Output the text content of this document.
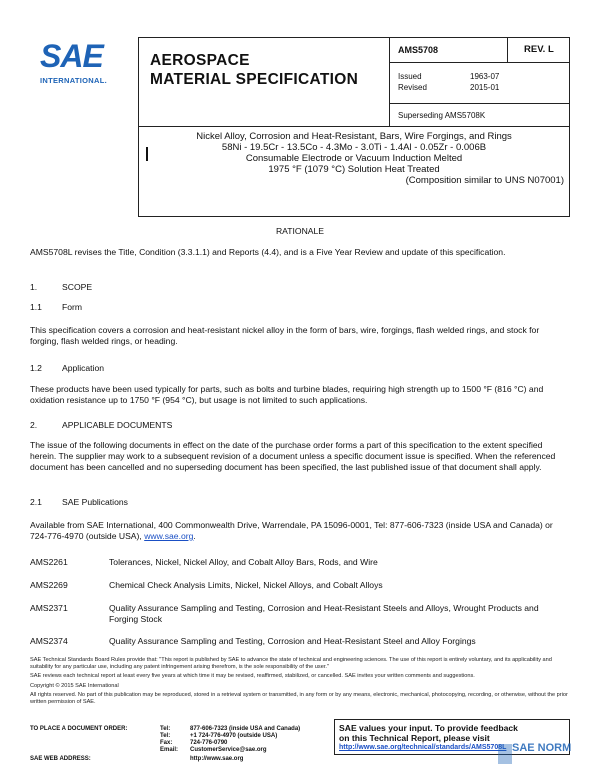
SAE
INTERNATIONAL.
AEROSPACE
MATERIAL SPECIFICATION
AMS5708	REV. L
Issued	1963-07
Revised	2015-01
Superseding AMS5708K
Nickel Alloy, Corrosion and Heat-Resistant, Bars, Wire Forgings, and Rings
58Ni - 19.5Cr - 13.5Co - 4.3Mo - 3.0Ti - 1.4Al - 0.05Zr - 0.006B
Consumable Electrode or Vacuum Induction Melted
1975 °F (1079 °C) Solution Heat Treated
(Composition similar to UNS N07001)
RATIONALE
AMS5708L revises the Title, Condition (3.3.1.1) and Reports (4.4), and is a Five Year Review and update of this specification.
1.	SCOPE
1.1 Form
This specification covers a corrosion and heat-resistant nickel alloy in the form of bars, wire, forgings, flash welded rings, and stock for forging, flash welded rings, or heading.
1.2 Application
These products have been used typically for parts, such as bolts and turbine blades, requiring high strength up to 1500 °F (816 °C) and oxidation resistance up to 1750 °F (954 °C), but usage is not limited to such applications.
2.	APPLICABLE DOCUMENTS
The issue of the following documents in effect on the date of the purchase order forms a part of this specification to the extent specified herein. The supplier may work to a subsequent revision of a document unless a specific document issue is specified. When the referenced document has been cancelled and no superseding document has been specified, the last published issue of that document shall apply.
2.1 SAE Publications
Available from SAE International, 400 Commonwealth Drive, Warrendale, PA 15096-0001, Tel: 877-606-7323 (inside USA and Canada) or 724-776-4970 (outside USA), www.sae.org.
AMS2261	Tolerances, Nickel, Nickel Alloy, and Cobalt Alloy Bars, Rods, and Wire
AMS2269	Chemical Check Analysis Limits, Nickel, Nickel Alloys, and Cobalt Alloys
AMS2371	Quality Assurance Sampling and Testing, Corrosion and Heat-Resistant Steels and Alloys, Wrought Products and Forging Stock
AMS2374	Quality Assurance Sampling and Testing, Corrosion and Heat-Resistant Steel and Alloy Forgings

SAE Technical Standards Board Rules provide that: "This report is published by SAE to advance the state of technical and engineering sciences. The use of this report is entirely voluntary, and its applicability and suitability for any particular use, including any patent infringement arising therefrom, is the sole responsibility of the user."

SAE reviews each technical report at least every five years at which time it may be revised, reaffirmed, stabilized, or cancelled. SAE invites your written comments and suggestions.

Copyright © 2015 SAE International

All rights reserved. No part of this publication may be reproduced, stored in a retrieval system or transmitted, in any form or by any means, electronic, mechanical, photocopying, recording, or otherwise, without the prior written permission of SAE.

TO PLACE A DOCUMENT ORDER:	Tel:	877-606-7323 (inside USA and Canada)
Tel:	+1 724-776-4970 (outside USA)
Fax:	724-776-0790
Email: CustomerService@sae.org
SAE WEB ADDRESS:	http://www.sae.org
SAE values your input. To provide feedback
on this Technical Report, please visit
http://www.sae.org/technical/standards/AMS5708L SAE NORM
